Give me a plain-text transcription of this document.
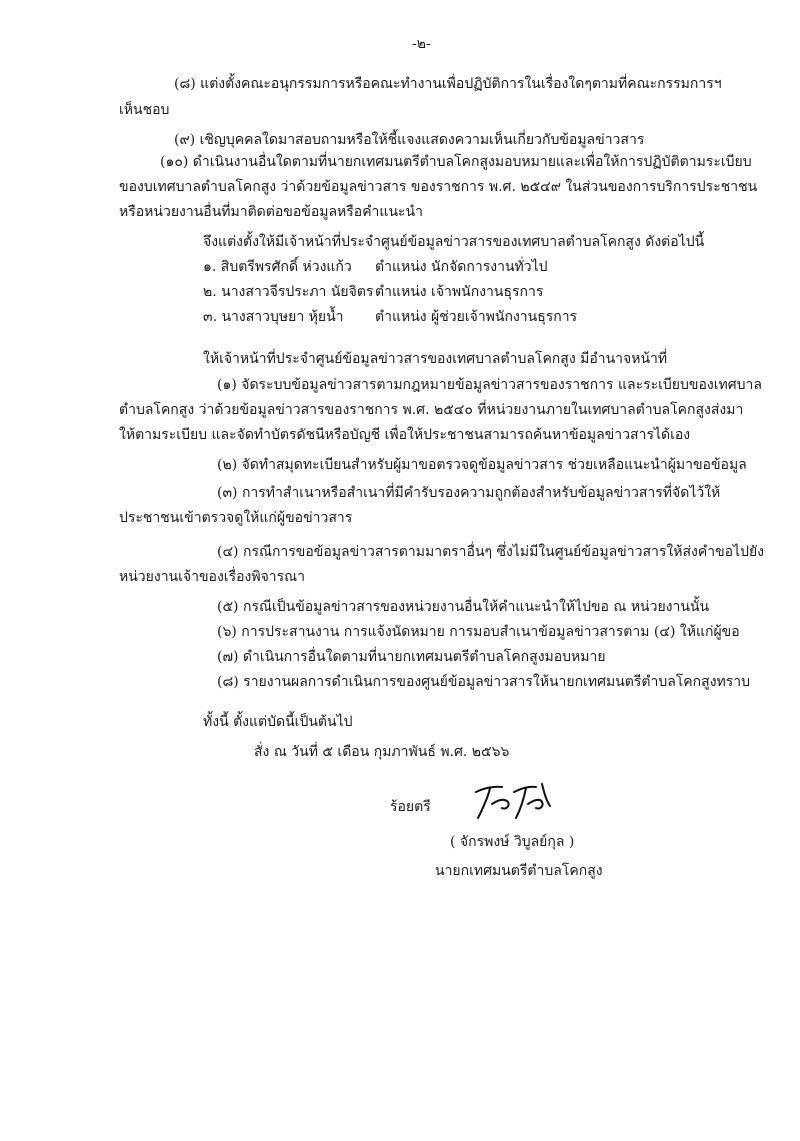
-๒-
(๘) แต่งตั้งคณะอนุกรรมการหรือคณะทำงานเพื่อปฏิบัติการในเรื่องใดๆตามที่คณะกรรมการฯ
เห็นชอบ
(๙) เชิญบุคคลใดมาสอบถามหรือให้ชี้แจงแสดงความเห็นเกี่ยวกับข้อมูลข่าวสาร
(๑๐) ดำเนินงานอื่นใดตามที่นายกเทศมนตรีตำบลโคกสูงมอบหมายและเพื่อให้การปฏิบัติตามระเบียบ
ของบเทศบาลตำบลโคกสูง ว่าด้วยข้อมูลข่าวสาร ของราชการ พ.ศ. ๒๕๔๙ ในส่วนของการบริการประชาชน
หรือหน่วยงานอื่นที่มาติดต่อขอข้อมูลหรือคำแนะนำ
จึงแต่งตั้งให้มีเจ้าหน้าที่ประจำศูนย์ข้อมูลข่าวสารของเทศบาลตำบลโคกสูง ดังต่อไปนี้
๑. สิบตรีพรศักดิ์ ห่วงแก้ว	ตำแหน่ง นักจัดการงานทั่วไป
๒. นางสาวจีรประภา นัยจิตร ตำแหน่ง เจ้าพนักงานธุรการ
๓. นางสาวบุษยา หุ้ยน้ำ	ตำแหน่ง ผู้ช่วยเจ้าพนักงานธุรการ
ให้เจ้าหน้าที่ประจำศูนย์ข้อมูลข่าวสารของเทศบาลตำบลโคกสูง มีอำนาจหน้าที่
(๑) จัดระบบข้อมูลข่าวสารตามกฎหมายข้อมูลข่าวสารของราชการ และระเบียบของเทศบาล
ตำบลโคกสูง ว่าด้วยข้อมูลข่าวสารของราชการ พ.ศ. ๒๕๔๐ ที่หน่วยงานภายในเทศบาลตำบลโคกสูงส่งมา
ให้ตามระเบียบ และจัดทำบัตรดัชนีหรือบัญชี เพื่อให้ประชาชนสามารถค้นหาข้อมูลข่าวสารได้เอง
(๒) จัดทำสมุดทะเบียนสำหรับผู้มาขอตรวจดูข้อมูลข่าวสาร ช่วยเหลือแนะนำผู้มาขอข้อมูล
(๓) การทำสำเนาหรือสำเนาที่มีคำรับรองความถูกต้องสำหรับข้อมูลข่าวสารที่จัดไว้ให้
ประชาชนเข้าตรวจดูให้แก่ผู้ขอข่าวสาร
(๔) กรณีการขอข้อมูลข่าวสารตามมาตราอื่นๆ ซึ่งไม่มีในศูนย์ข้อมูลข่าวสารให้ส่งคำขอไปยัง
หน่วยงานเจ้าของเรื่องพิจารณา
(๕) กรณีเป็นข้อมูลข่าวสารของหน่วยงานอื่นให้คำแนะนำให้ไปขอ ณ หน่วยงานนั้น
(๖) การประสานงาน การแจ้งนัดหมาย การมอบสำเนาข้อมูลข่าวสารตาม (๔) ให้แก่ผู้ขอ
(๗) ดำเนินการอื่นใดตามที่นายกเทศมนตรีตำบลโคกสูงมอบหมาย
(๘) รายงานผลการดำเนินการของศูนย์ข้อมูลข่าวสารให้นายกเทศมนตรีตำบลโคกสูงทราบ
ทั้งนี้ ตั้งแต่บัดนี้เป็นต้นไป
สั่ง ณ วันที่ ๕ เดือน กุมภาพันธ์ พ.ศ. ๒๕๖๖
ร้อยตรี
( จักรพงษ์ วิบูลย์กุล )
นายกเทศมนตรีตำบลโคกสูง
